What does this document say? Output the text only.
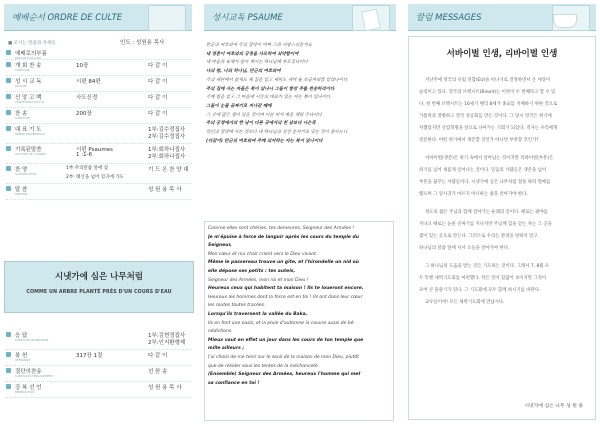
예배순서 ORDRE DE CULTE
■ 모시는 말씀과 자세들	인도 : 성원용 목사
예배로의부름
PAROLE D'ACCUEIL
개 회 찬 송
CANTIQUE
10장	다 같 이
성 시 교 독
PSAUME
시편 84편	다 같 이
신 앙 고 백
CONFESSION DE FOI
사도신경	다 같 이
찬 송
CANTIQUE
200장	다 같 이
대 표 기 도
PRIERE UNIVERSELLE
1부:김수정집사
2부:김수정집사
기록된말씀
LECTURE DE LA BIBLE
시편 Psaumes
1 :1-6
1부:회하나집사
2부:회하나집사
찬 양
GLORIFICATION
1부:주의말씀 앞에 섰	기 드 온 찬 양 대
2부: 태산을 넘어 험곡에 가도
말 씀
SERMON
성 원 용 목 사
시냇가에 심은 나무처럼
COMME UN ARBRE PLANTÉ PRÈS D'UN COURS D'EAU
응 답
CANTIQUE DE REPONSE
1부:김현정집사
2부:인지환형제
봉 헌
OFFRANDE
317장 1절	다 같 이
결단의찬송
CANTIQUE D'ENGAGEMENT
선 한 송
강 복 선 언
BENEDICTION
성 원 용 목 사
성시교독 PSAUME
만군의 여호와여 주의 장막이 어찌 그리 사랑스러운지요
내 영혼이 여호와의 궁정을 사모하여 쇠약함이여
내 마음과 육체가 살아 계시는 하나님께 부르짖나이다
나의 왕, 나의 하나님, 만군의 여호와여
주의 제단에서 참새도 제 집을 얻고 제비도 새끼 둘 보금자리를 얻었나이다
주의 집에 사는 자들은 복이 있나니 그들이 항상 주를 찬송하리이다
주께 힘을 얻고 그 마음에 시온의 대로가 있는 자는 복이 있나이다
그들이 눈물 골짜기로 지나갈 때에
그 곳에 많은 샘이 있을 것이며 이른 비가 복을 채워 주나이다
주의 궁정에서의 한 날이 다른 곳에서의 천 날보다 나은즉
악인의 장막에 사는 것보다 내 하나님의 성전 문지기로 있는 것이 좋사오니
(다같이) 만군의 여호와여 주께 의지하는 자는 복이 있나이다
Comme elles sont chéries, tes demeures, Seigneur des Armées !
Je m'épuise à force de languir après les cours du temple du
Seigneur,
Mon cœur et ma chair crient vers le Dieu vivant.
Même le passereau trouve un gîte, et l'hirondelle un nid où
elle dépose ses petits : tes autels,
Seigneur des Armées, mon roi et mon Dieu !
Heureux ceux qui habitent ta maison ! Ils te loueront encore.
Heureux les hommes dont la force est en toi ! Ils ont dans leur cœur
les routes toutes tracées.
Lorsqu'ils traversent la vallée du Baka,
Ils en font une oasis, et la pluie d'automne la couvre aussi de bé-
nédictions.
Mieux vaut en effet un jour dans les cours de ton temple que
mille ailleurs ;
J'ai choisi de me tenir sur le seuil de la maison de mon Dieu, plutôt
que de résider sous les tentes de la méchanceté.
(Ensemble) Seigneur des Armées, heureux l'homme qui met
sa confiance en toi !
칼럼 MESSAGES
서바이벌 인생, 리바이벌 인생
지난주에 영국의 유럽 연합(EU)을 떠나기로 결정하면서 온 세상이
술렁이고 있다. 영국의 브렉시트(Brexit)는 이번이 두 번째라고 할 수 있
다. 첫 번째 브렉시트는 16세기 헨리 8세가 종교를 지배하기 위한 것으로
가톨릭과 결별하고 영국 성공회를 만든 것이다. 그 당시 영국은 위기에
처했었지만 산업혁명을 앞으로 나아가는 기회가 되었다. 역사는 우리에게
질문한다. 어떤 위기에서 생존할 것인가 아니면 부흥할 것인가?
서바이벌(생존)은 위기 속에서 살아남는 것이지만 리바이벌(부흥)은
위기를 넘어 새롭게 일어나는 것이다. 믿음의 사람들은 생존을 넘어
부흥을 꿈꾸는 사람들이다. 시냇가에 심은 나무처럼 철을 따라 열매를
맺으며 그 잎사귀가 마르지 아니하는 삶을 살아가야 한다.
성도의 삶은 주님과 함께 걸어가는 순례의 길이다. 때로는 광야를
지나고 때로는 눈물 골짜기를 지나지만 주님께 힘을 얻는 자는 그 곳을
샘이 있는 곳으로 만든다. 그러므로 우리는 환경을 탓하지 말고
하나님의 말씀 앞에 서서 오늘을 살아가야 한다.
그 하나님의 도움을 받는 것은 기도하는 것이다. 그래서 7, 8월 모
두 특별 새벽기도회를 마련했다. 작은 것이 힘없이 보이지만 그것이
모여 큰 물줄기가 된다. 그 기도회에 모두 함께 하시기를 바란다.
교우들이여! 모든 새벽기도회에 만납시다.
시냇가에 심은 나무 성 원 용
